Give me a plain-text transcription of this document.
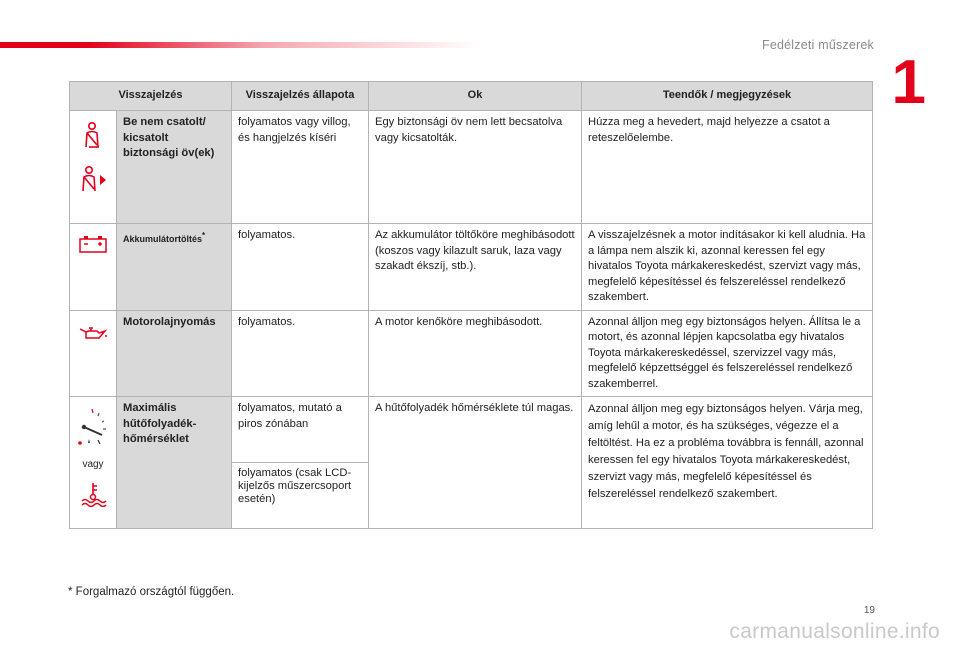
Fedélzeti műszerek
1
Visszajelzés		Visszajelzés állapota	Ok	Teendők / megjegyzések

	Be nem csatolt/ kicsatolt biztonsági öv(ek)	folyamatos vagy villog, és hangjelzés kíséri	Egy biztonsági öv nem lett becsatolva vagy kicsatolták.	Húzza meg a hevedert, majd helyezze a csatot a reteszelőelembe.

	Akkumulátortöltés*	folyamatos.	Az akkumulátor töltőköre meghibásodott (koszos vagy kilazult saruk, laza vagy szakadt ékszíj, stb.).	A visszajelzésnek a motor indításakor ki kell aludnia. Ha a lámpa nem alszik ki, azonnal keressen fel egy hivatalos Toyota márkakereskedést, szervizt vagy más, megfelelő képesítéssel és felszereléssel rendelkező szakembert.

	Motorolajnyomás	folyamatos.	A motor kenőköre meghibásodott.	Azonnal álljon meg egy biztonságos helyen. Állítsa le a motort, és azonnal lépjen kapcsolatba egy hivatalos Toyota márkakereskedéssel, szervizzel vagy más, megfelelő képzettséggel és felszereléssel rendelkező szakemberrel.

vagy	Maximális hűtőfolyadék-hőmérséklet	folyamatos, mutató a piros zónában	A hűtőfolyadék hőmérséklete túl magas.	Azonnal álljon meg egy biztonságos helyen. Várja meg, amíg lehűl a motor, és ha szükséges, végezze el a feltöltést. Ha ez a probléma továbbra is fennáll, azonnal keressen fel egy hivatalos Toyota márkakereskedést, szervizt vagy más, megfelelő képesítéssel és felszereléssel rendelkező szakembert.
		folyamatos (csak LCD-kijelzős műszercsoport esetén)		
* Forgalmazó országtól függően.
19
carmanualsonline.info
